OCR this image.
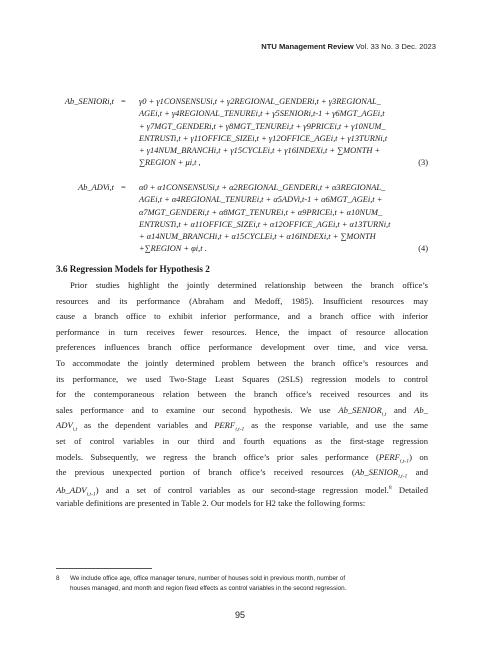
NTU Management Review Vol. 33 No. 3 Dec. 2023
Ab_SENIORi,t = γ0 + γ1CONSENSUSi,t + γ2REGIONAL_GENDERi,t + γ3REGIONAL_
AGEi,t + γ4REGIONAL_TENUREi,t + γ5SENIORi,t-1 + γ6MGT_AGEi,t
+ γ7MGT_GENDERi,t + γ8MGT_TENUREi,t + γ9PRICEi,t + γ10NUM_
ENTRUSTi,t + γ11OFFICE_SIZEi,t + γ12OFFICE_AGEi,t + γ13TURNi,t
+ γ14NUM_BRANCHi,t + γ15CYCLEi,t + γ16INDEXi,t + ∑MONTH +
∑REGION + μi,t ,	(3)
Ab_ADVi,t = α0 + α1CONSENSUSi,t + α2REGIONAL_GENDERi,t + α3REGIONAL_
AGEi,t + α4REGIONAL_TENUREi,t + α5ADVi,t-1 + α6MGT_AGEi,t +
α7MGT_GENDERi,t + α8MGT_TENUREi,t + α9PRICEi,t + α10NUM_
ENTRUSTi,t + α11OFFICE_SIZEi,t + α12OFFICE_AGEi,t + α13TURNi,t
+ α14NUM_BRANCHi,t + α15CYCLEi,t + α16INDEXi,t + ∑MONTH
+∑REGION + φi,t .	(4)
3.6 Regression Models for Hypothesis 2
Prior studies highlight the jointly determined relationship between the branch office’s
resources and its performance (Abraham and Medoff, 1985). Insufficient resources may
cause a branch office to exhibit inferior performance, and a branch office with inferior
performance in turn receives fewer resources. Hence, the impact of resource allocation
preferences influences branch office performance development over time, and vice versa.
To accommodate the jointly determined problem between the branch office’s resources and
its performance, we used Two-Stage Least Squares (2SLS) regression models to control
for the contemporaneous relation between the branch office’s received resources and its
sales performance and to examine our second hypothesis. We use $Ab\_SENIOR_{i,t}$ and Ab_
$ADV_{i,t}$ as the dependent variables and $PERF_{i,t-1}$ as the response variable, and use the same
set of control variables in our third and fourth equations as the first-stage regression
models. Subsequently, we regress the branch office’s prior sales performance $(PERF_{i,t-1})$ on
the previous unexpected portion of branch office’s received resources ($Ab\_SENIOR_{i,t-1}$ and
$Ab\_ADV_{i,t-1}$) and a set of control variables as our second-stage regression model.$^8$ Detailed
variable definitions are presented in Table 2. Our models for H2 take the following forms:
8	We include office age, office manager tenure, number of houses sold in previous month, number of
houses managed, and month and region fixed effects as control variables in the second regression.
95
